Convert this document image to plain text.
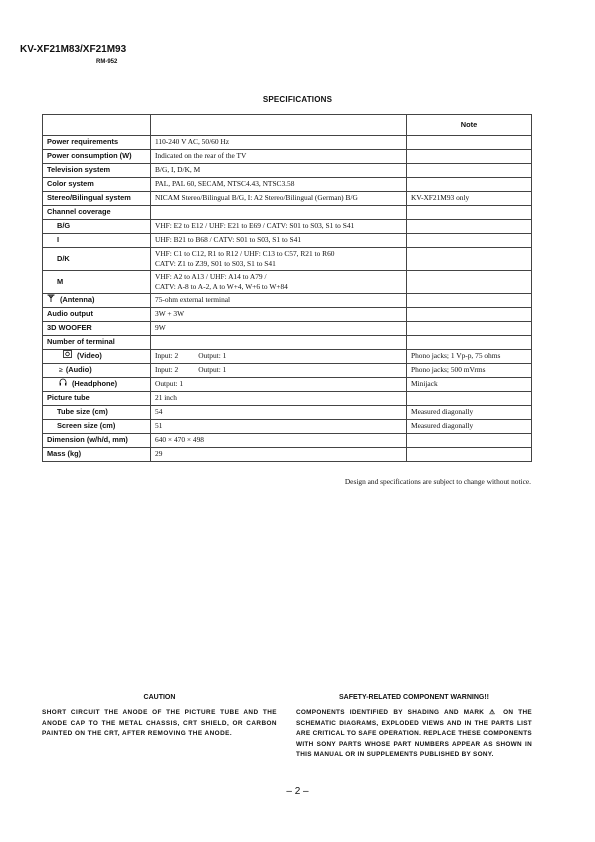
KV-XF21M83/XF21M93
RM-952
SPECIFICATIONS
		Note
Power requirements	110-240 V AC, 50/60 Hz	
Power consumption (W)	Indicated on the rear of the TV	
Television system	B/G, I, D/K, M	
Color system	PAL, PAL 60, SECAM, NTSC4.43, NTSC3.58	
Stereo/Bilingual system	NICAM Stereo/Bilingual B/G, I: A2 Stereo/Bilingual (German) B/G	KV-XF21M93 only
Channel coverage		
B/G	VHF: E2 to E12 / UHF: E21 to E69 / CATV: S01 to S03, S1 to S41	
I	UHF: B21 to B68 / CATV: S01 to S03, S1 to S41	
D/K	VHF: C1 to C12, R1 to R12 / UHF: C13 to C57, R21 to R60
CATV: Z1 to Z39, S01 to S03, S1 to S41	

M	VHF: A2 to A13 / UHF: A14 to A79 /
CATV: A-8 to A-2, A to W+4, W+6 to W+84	

(Antenna)	75-ohm external terminal	
Audio output	3W + 3W	
3D WOOFER	9W	
Number of terminal		
(Video)	Input: 2 Output: 1	Phono jacks; 1 Vp-p, 75 ohms
≥ (Audio)	Input: 2 Output: 1	Phono jacks; 500 mVrms
(Headphone)	Output: 1	Minijack
Picture tube	21 inch	
Tube size (cm)	54	Measured diagonally
Screen size (cm)	51	Measured diagonally
Dimension (w/h/d, mm)	640 × 470 × 498	
Mass (kg)	29	
Design and specifications are subject to change without notice.
CAUTION
SHORT CIRCUIT THE ANODE OF THE PICTURE TUBE AND THE ANODE CAP TO THE METAL CHASSIS, CRT SHIELD, OR CARBON PAINTED ON THE CRT, AFTER REMOVING THE ANODE.
SAFETY-RELATED COMPONENT WARNING!!
COMPONENTS IDENTIFIED BY SHADING AND MARK ⚠ ON THE SCHEMATIC DIAGRAMS, EXPLODED VIEWS AND IN THE PARTS LIST ARE CRITICAL TO SAFE OPERATION. REPLACE THESE COMPONENTS WITH SONY PARTS WHOSE PART NUMBERS APPEAR AS SHOWN IN THIS MANUAL OR IN SUPPLEMENTS PUBLISHED BY SONY.
– 2 –
